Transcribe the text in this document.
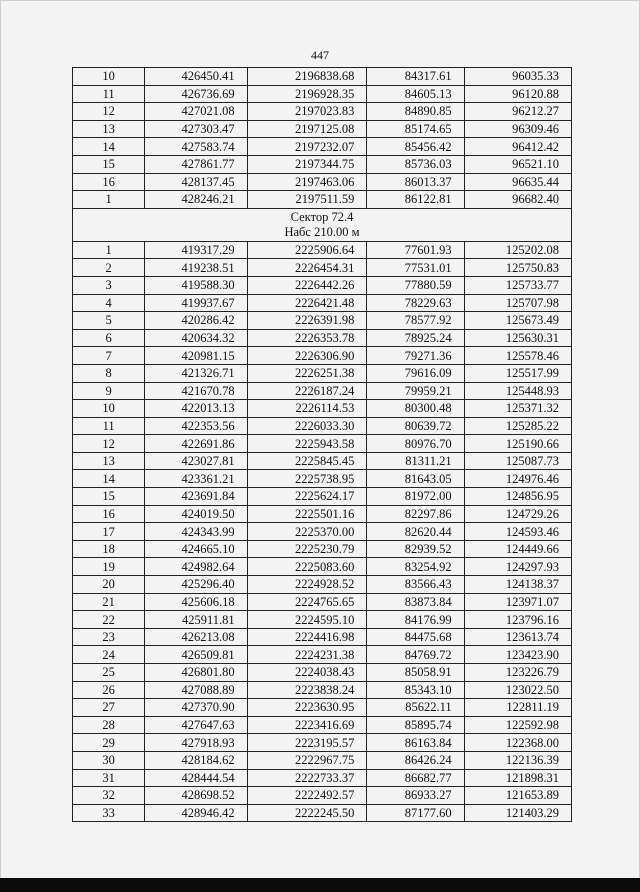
447
10	426450.41	2196838.68	84317.61	96035.33
11	426736.69	2196928.35	84605.13	96120.88
12	427021.08	2197023.83	84890.85	96212.27
13	427303.47	2197125.08	85174.65	96309.46
14	427583.74	2197232.07	85456.42	96412.42
15	427861.77	2197344.75	85736.03	96521.10
16	428137.45	2197463.06	86013.37	96635.44
1	428246.21	2197511.59	86122.81	96682.40

Сектор 72.4
Набс 210.00 м				

1	419317.29	2225906.64	77601.93	125202.08
2	419238.51	2226454.31	77531.01	125750.83
3	419588.30	2226442.26	77880.59	125733.77
4	419937.67	2226421.48	78229.63	125707.98
5	420286.42	2226391.98	78577.92	125673.49
6	420634.32	2226353.78	78925.24	125630.31
7	420981.15	2226306.90	79271.36	125578.46
8	421326.71	2226251.38	79616.09	125517.99
9	421670.78	2226187.24	79959.21	125448.93
10	422013.13	2226114.53	80300.48	125371.32
11	422353.56	2226033.30	80639.72	125285.22
12	422691.86	2225943.58	80976.70	125190.66
13	423027.81	2225845.45	81311.21	125087.73
14	423361.21	2225738.95	81643.05	124976.46
15	423691.84	2225624.17	81972.00	124856.95
16	424019.50	2225501.16	82297.86	124729.26
17	424343.99	2225370.00	82620.44	124593.46
18	424665.10	2225230.79	82939.52	124449.66
19	424982.64	2225083.60	83254.92	124297.93
20	425296.40	2224928.52	83566.43	124138.37
21	425606.18	2224765.65	83873.84	123971.07
22	425911.81	2224595.10	84176.99	123796.16
23	426213.08	2224416.98	84475.68	123613.74
24	426509.81	2224231.38	84769.72	123423.90
25	426801.80	2224038.43	85058.91	123226.79
26	427088.89	2223838.24	85343.10	123022.50
27	427370.90	2223630.95	85622.11	122811.19
28	427647.63	2223416.69	85895.74	122592.98
29	427918.93	2223195.57	86163.84	122368.00
30	428184.62	2222967.75	86426.24	122136.39
31	428444.54	2222733.37	86682.77	121898.31
32	428698.52	2222492.57	86933.27	121653.89
33	428946.42	2222245.50	87177.60	121403.29
